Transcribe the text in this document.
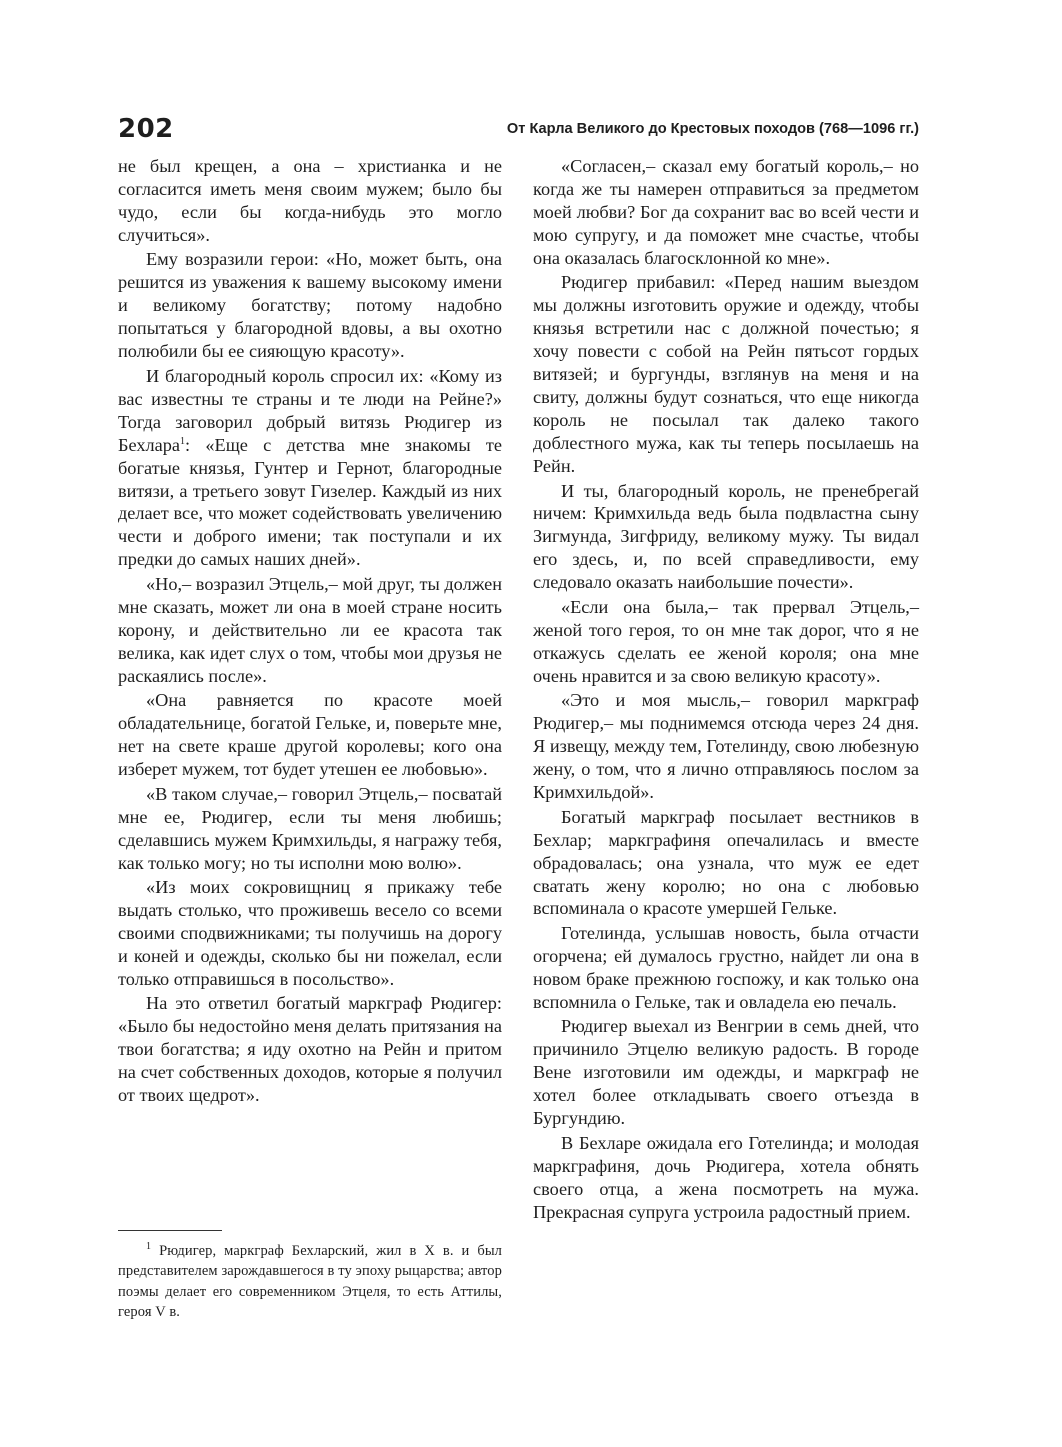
202	От Карла Великого до Крестовых походов (768—1096 гг.)

не был крещен, а она – христианка и не согласится иметь меня своим мужем; было бы чудо, если бы когда-нибудь это могло случиться».

Ему возразили герои: «Но, может быть, она решится из уважения к вашему высокому имени и великому богатству; потому надобно попытаться у благородной вдовы, а вы охотно полюбили бы ее сияющую красоту».

И благородный король спросил их: «Кому из вас известны те страны и те люди на Рейне?» Тогда заговорил добрый витязь Рюдигер из Бехлара$^1$: «Еще с детства мне знакомы те богатые князья, Гунтер и Гернот, благородные витязи, а третьего зовут Гизелер. Каждый из них делает все, что может содействовать увеличению чести и доброго имени; так поступали и их предки до самых наших дней».

«Но,– возразил Этцель,– мой друг, ты должен мне сказать, может ли она в моей стране носить корону, и действительно ли ее красота так велика, как идет слух о том, чтобы мои друзья не раскаялись после».

«Она равняется по красоте моей обладательнице, богатой Гельке, и, поверьте мне, нет на свете краше другой королевы; кого она изберет мужем, тот будет утешен ее любовью».

«В таком случае,– говорил Этцель,– посватай мне ее, Рюдигер, если ты меня любишь; сделавшись мужем Кримхильды, я награжу тебя, как только могу; но ты исполни мою волю».

«Из моих сокровищниц я прикажу тебе выдать столько, что проживешь весело со всеми своими сподвижниками; ты получишь на дорогу и коней и одежды, сколько бы ни пожелал, если только отправишься в посольство».

На это ответил богатый маркграф Рюдигер: «Было бы недостойно меня делать притязания на твои богатства; я иду охотно на Рейн и притом на счет собственных доходов, которые я получил от твоих щедрот».

$^1$ Рюдигер, маркграф Бехларский, жил в X в. и был представителем зарождавшегося в ту эпоху рыцарства; автор поэмы делает его современником Этцеля, то есть Аттилы, героя V в.

«Согласен,– сказал ему богатый король,– но когда же ты намерен отправиться за предметом моей любви? Бог да сохранит вас во всей чести и мою супругу, и да поможет мне счастье, чтобы она оказалась благосклонной ко мне».

Рюдигер прибавил: «Перед нашим выездом мы должны изготовить оружие и одежду, чтобы князья встретили нас с должной почестью; я хочу повести с собой на Рейн пятьсот гордых витязей; и бургунды, взглянув на меня и на свиту, должны будут сознаться, что еще никогда король не посылал так далеко такого доблестного мужа, как ты теперь посылаешь на Рейн.

И ты, благородный король, не пренебрегай ничем: Кримхильда ведь была подвластна сыну Зигмунда, Зигфриду, великому мужу. Ты видал его здесь, и, по всей справедливости, ему следовало оказать наибольшие почести».

«Если она была,– так прервал Этцель,– женой того героя, то он мне так дорог, что я не откажусь сделать ее женой короля; она мне очень нравится и за свою великую красоту».

«Это и моя мысль,– говорил маркграф Рюдигер,– мы поднимемся отсюда через 24 дня. Я извещу, между тем, Готелинду, свою любезную жену, о том, что я лично отправляюсь послом за Кримхильдой».

Богатый маркграф посылает вестников в Бехлар; маркграфиня опечалилась и вместе обрадовалась; она узнала, что муж ее едет сватать жену королю; но она с любовью вспоминала о красоте умершей Гельке.

Готелинда, услышав новость, была отчасти огорчена; ей думалось грустно, найдет ли она в новом браке прежнюю госпожу, и как только она вспомнила о Гельке, так и овладела ею печаль.

Рюдигер выехал из Венгрии в семь дней, что причинило Этцелю великую радость. В городе Вене изготовили им одежды, и маркграф не хотел более откладывать своего отъезда в Бургундию.

В Бехларе ожидала его Готелинда; и молодая маркграфиня, дочь Рюдигера, хотела обнять своего отца, а жена посмотреть на мужа. Прекрасная супруга устроила радостный прием.
